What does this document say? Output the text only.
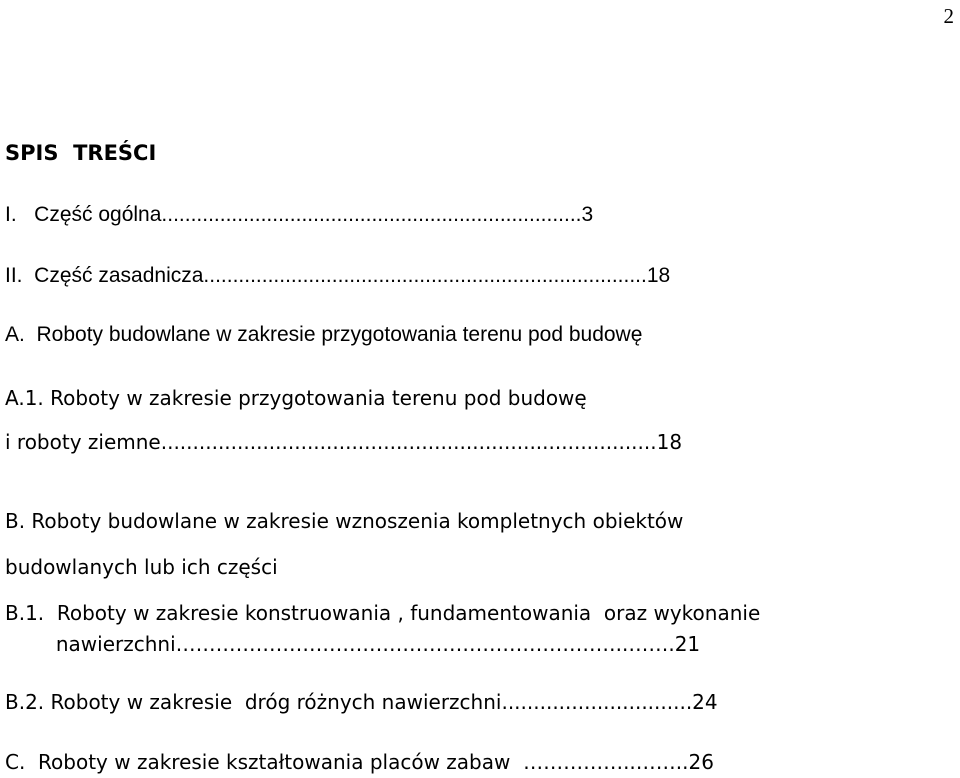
2
SPIS  TREŚCI
I.   Część ogólna........................................................................3
II.  Część zasadnicza............................................................................18
A.  Roboty budowlane w zakresie przygotowania terenu pod budowę
A.1. Roboty w zakresie przygotowania terenu pod budowę
i roboty ziemne..............................................................................18
B. Roboty budowlane w zakresie wznoszenia kompletnych obiektów
budowlanych lub ich części
B.1.  Roboty w zakresie konstruowania , fundamentowania  oraz wykonanie
nawierzchni…………………………………………………………..…….21
B.2. Roboty w zakresie  dróg różnych nawierzchni..............................24
C.  Roboty w zakresie kształtowania placów zabaw  ……………..……..26
